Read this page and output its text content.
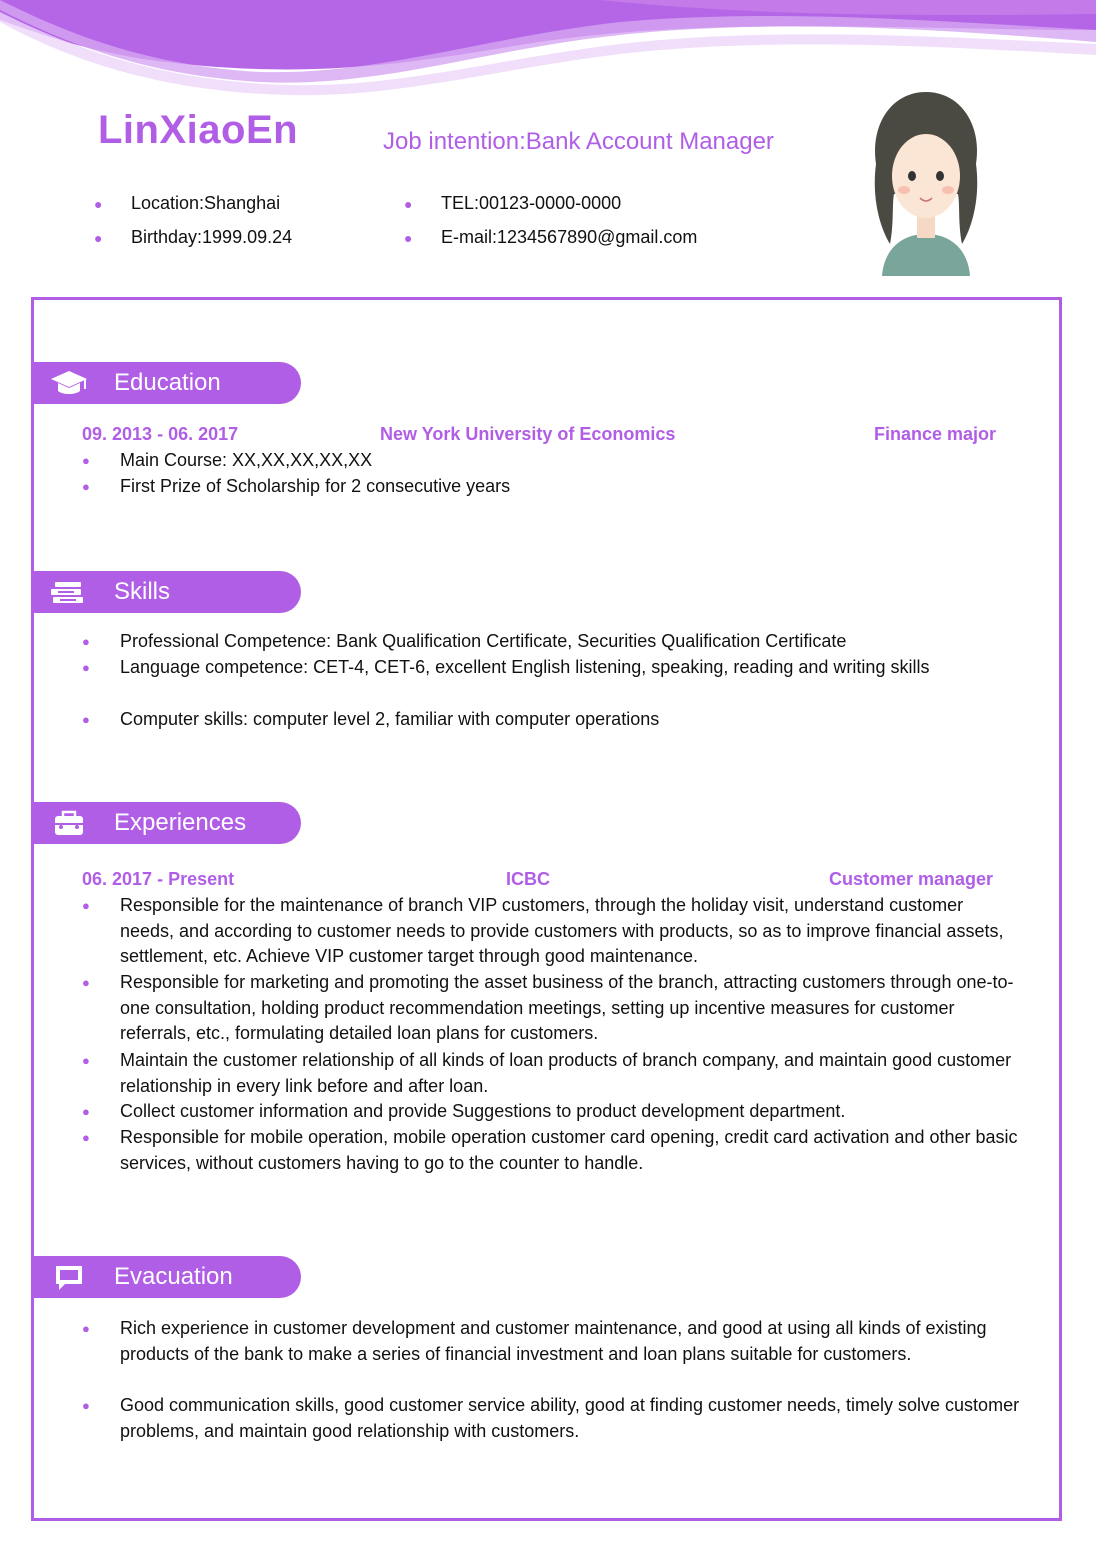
LinXiaoEn	Job intention:Bank Account Manager
● Location:Shanghai
● Birthday:1999.09.24
● TEL:00123-0000-0000
● E-mail:1234567890@gmail.com
Education
09. 2013 - 06. 2017	New York University of Economics	Finance major
● Main Course: XX,XX,XX,XX,XX
● First Prize of Scholarship for 2 consecutive years
Skills
● Professional Competence: Bank Qualification Certificate, Securities Qualification Certificate
● Language competence: CET-4, CET-6, excellent English listening, speaking, reading and writing skills
● Computer skills: computer level 2, familiar with computer operations
Experiences
06. 2017 - Present	ICBC	Customer manager
● Responsible for the maintenance of branch VIP customers, through the holiday visit, understand customer needs, and according to customer needs to provide customers with products, so as to improve financial assets, settlement, etc. Achieve VIP customer target through good maintenance.
● Responsible for marketing and promoting the asset business of the branch, attracting customers through one-to-one consultation, holding product recommendation meetings, setting up incentive measures for customer referrals, etc., formulating detailed loan plans for customers.
● Maintain the customer relationship of all kinds of loan products of branch company, and maintain good customer relationship in every link before and after loan.
● Collect customer information and provide Suggestions to product development department.
● Responsible for mobile operation, mobile operation customer card opening, credit card activation and other basic services, without customers having to go to the counter to handle.
Evacuation
● Rich experience in customer development and customer maintenance, and good at using all kinds of existing products of the bank to make a series of financial investment and loan plans suitable for customers.
● Good communication skills, good customer service ability, good at finding customer needs, timely solve customer problems, and maintain good relationship with customers.
